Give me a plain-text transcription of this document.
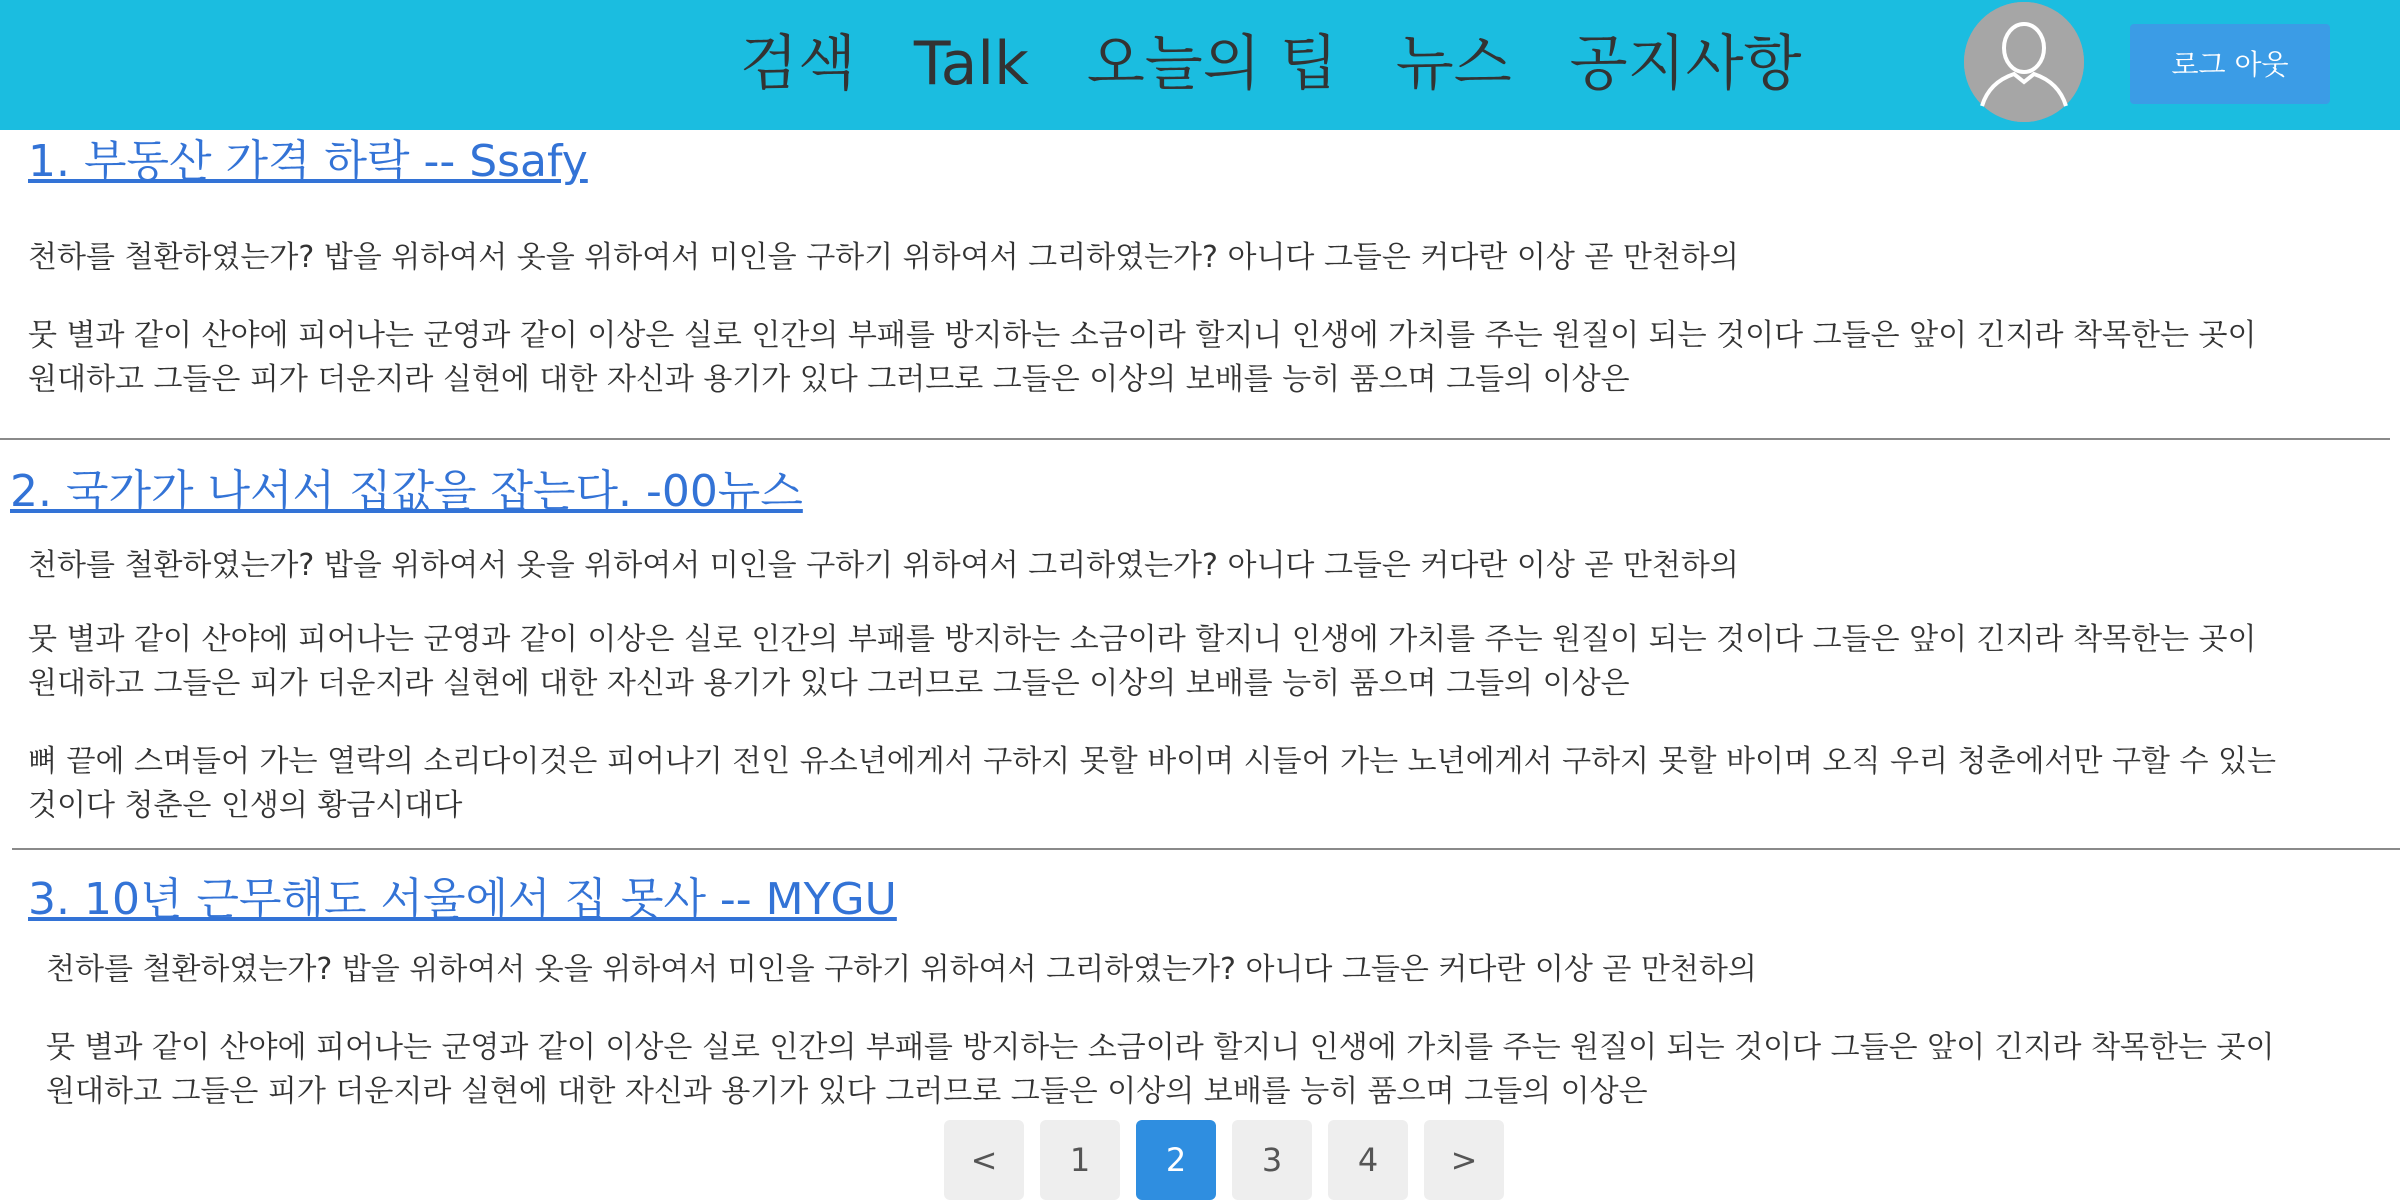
검색 Talk 오늘의 팁 뉴스 공지사항	로그 아웃
1. 부동산 가격 하락 -- Ssafy

천하를 철환하였는가? 밥을 위하여서 옷을 위하여서 미인을 구하기 위하여서 그리하였는가? 아니다 그들은 커다란 이상 곧 만천하의

뭇 별과 같이 산야에 피어나는 군영과 같이 이상은 실로 인간의 부패를 방지하는 소금이라 할지니 인생에 가치를 주는 원질이 되는 것이다 그들은 앞이 긴지라 착목한는 곳이 원대하고 그들은 피가 더운지라 실현에 대한 자신과 용기가 있다 그러므로 그들은 이상의 보배를 능히 품으며 그들의 이상은

2. 국가가 나서서 집값을 잡는다. -00뉴스

천하를 철환하였는가? 밥을 위하여서 옷을 위하여서 미인을 구하기 위하여서 그리하였는가? 아니다 그들은 커다란 이상 곧 만천하의

뭇 별과 같이 산야에 피어나는 군영과 같이 이상은 실로 인간의 부패를 방지하는 소금이라 할지니 인생에 가치를 주는 원질이 되는 것이다 그들은 앞이 긴지라 착목한는 곳이 원대하고 그들은 피가 더운지라 실현에 대한 자신과 용기가 있다 그러므로 그들은 이상의 보배를 능히 품으며 그들의 이상은

뼈 끝에 스며들어 가는 열락의 소리다이것은 피어나기 전인 유소년에게서 구하지 못할 바이며 시들어 가는 노년에게서 구하지 못할 바이며 오직 우리 청춘에서만 구할 수 있는 것이다 청춘은 인생의 황금시대다

3. 10년 근무해도 서울에서 집 못사 -- MYGU

천하를 철환하였는가? 밥을 위하여서 옷을 위하여서 미인을 구하기 위하여서 그리하였는가? 아니다 그들은 커다란 이상 곧 만천하의

뭇 별과 같이 산야에 피어나는 군영과 같이 이상은 실로 인간의 부패를 방지하는 소금이라 할지니 인생에 가치를 주는 원질이 되는 것이다 그들은 앞이 긴지라 착목한는 곳이 원대하고 그들은 피가 더운지라 실현에 대한 자신과 용기가 있다 그러므로 그들은 이상의 보배를 능히 품으며 그들의 이상은

<	1	2	3	4	>
